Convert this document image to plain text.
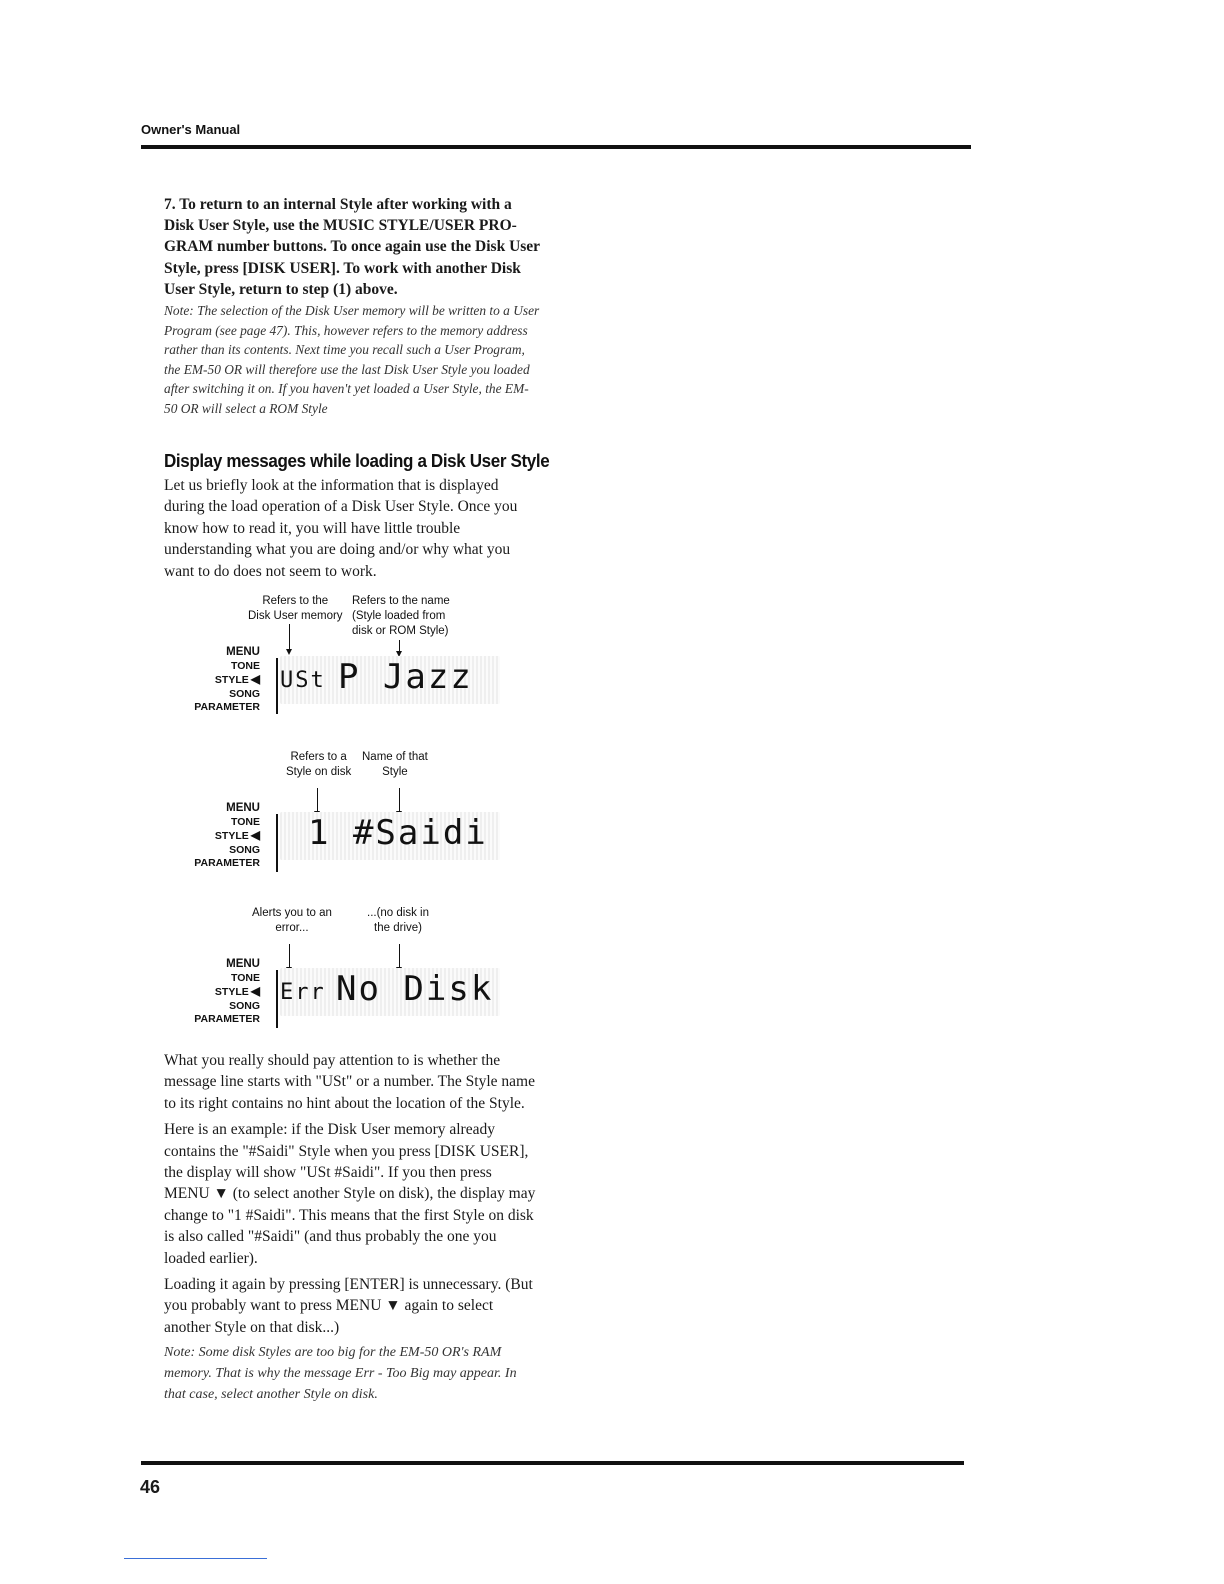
Owner's Manual

7. To return to an internal Style after working with a Disk User Style, use the MUSIC STYLE/USER PRO-GRAM number buttons. To once again use the Disk User Style, press [DISK USER]. To work with another Disk User Style, return to step (1) above.

Note: The selection of the Disk User memory will be written to a User Program (see page 47). This, however refers to the memory address rather than its contents. Next time you recall such a User Program, the EM-50 OR will therefore use the last Disk User Style you loaded after switching it on. If you haven't yet loaded a User Style, the EM-50 OR will select a ROM Style

Display messages while loading a Disk User Style

Let us briefly look at the information that is displayed during the load operation of a Disk User Style. Once you know how to read it, you will have little trouble understanding what you are doing and/or why what you want to do does not seem to work.

Refers to the
Disk User memory
Refers to the name
(Style loaded from
disk or ROM Style)
MENU
TONE
STYLE ◀
SONG
PARAMETER
USt P Jazz
Refers to a
Style on disk
Name of that
Style
MENU
TONE
STYLE ◀
SONG
PARAMETER
1 #Saidi
Alerts you to an
error...
...(no disk in
the drive)
MENU
TONE
STYLE ◀
SONG
PARAMETER
Err No Disk

What you really should pay attention to is whether the message line starts with "USt" or a number. The Style name to its right contains no hint about the location of the Style.

Here is an example: if the Disk User memory already contains the "#Saidi" Style when you press [DISK USER], the display will show "USt #Saidi". If you then press MENU ▼ (to select another Style on disk), the display may change to "1 #Saidi". This means that the first Style on disk is also called "#Saidi" (and thus probably the one you loaded earlier).

Loading it again by pressing [ENTER] is unnecessary. (But you probably want to press MENU ▼ again to select another Style on that disk...)

Note: Some disk Styles are too big for the EM-50 OR's RAM memory. That is why the message Err - Too Big may appear. In that case, select another Style on disk.

46
